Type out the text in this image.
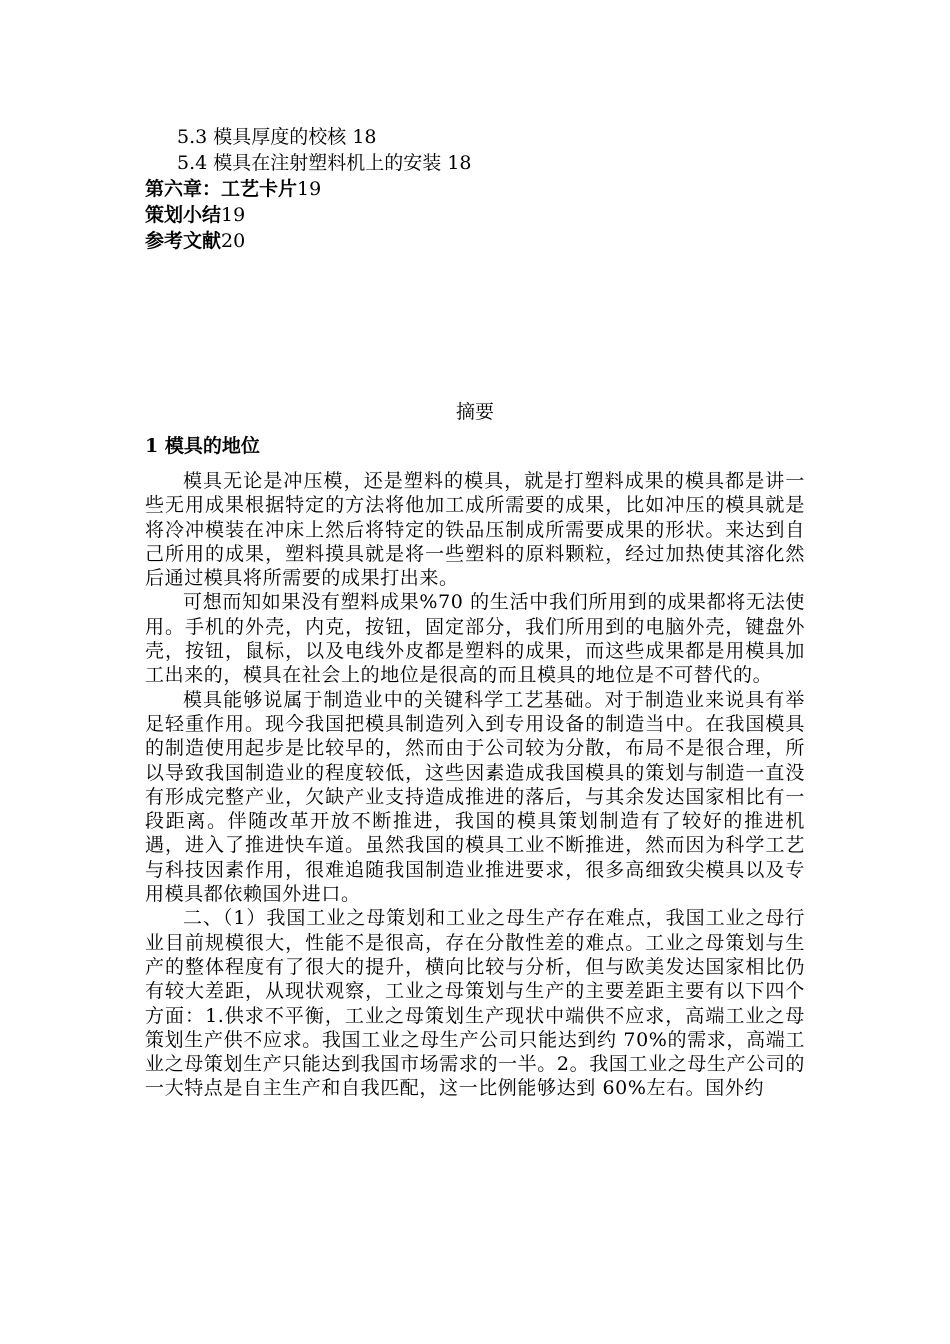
5.3 模具厚度的校核 18
5.4 模具在注射塑料机上的安装 18
第六章：工艺卡片19
策划小结19
参考文献20
摘要
1 模具的地位

模具无论是冲压模，还是塑料的模具，就是打塑料成果的模具都是讲一些无用成果根据特定的方法将他加工成所需要的成果，比如冲压的模具就是将冷冲模装在冲床上然后将特定的铁品压制成所需要成果的形状。来达到自己所用的成果，塑料摸具就是将一些塑料的原料颗粒，经过加热使其溶化然后通过模具将所需要的成果打出来。

可想而知如果没有塑料成果%70 的生活中我们所用到的成果都将无法使用。手机的外壳，内克，按钮，固定部分，我们所用到的电脑外壳，键盘外壳，按钮，鼠标，以及电线外皮都是塑料的成果，而这些成果都是用模具加工出来的，模具在社会上的地位是很高的而且模具的地位是不可替代的。

模具能够说属于制造业中的关键科学工艺基础。对于制造业来说具有举足轻重作用。现今我国把模具制造列入到专用设备的制造当中。在我国模具的制造使用起步是比较早的，然而由于公司较为分散，布局不是很合理，所以导致我国制造业的程度较低，这些因素造成我国模具的策划与制造一直没有形成完整产业，欠缺产业支持造成推进的落后，与其余发达国家相比有一段距离。伴随改革开放不断推进，我国的模具策划制造有了较好的推进机遇，进入了推进快车道。虽然我国的模具工业不断推进，然而因为科学工艺与科技因素作用，很难追随我国制造业推进要求，很多高细致尖模具以及专用模具都依赖国外进口。

二、（1）我国工业之母策划和工业之母生产存在难点，我国工业之母行业目前规模很大，性能不是很高，存在分散性差的难点。工业之母策划与生产的整体程度有了很大的提升，横向比较与分析，但与欧美发达国家相比仍有较大差距，从现状观察，工业之母策划与生产的主要差距主要有以下四个方面：1.供求不平衡，工业之母策划生产现状中端供不应求，高端工业之母策划生产供不应求。我国工业之母生产公司只能达到约 70%的需求，高端工业之母策划生产只能达到我国市场需求的一半。2。我国工业之母生产公司的一大特点是自主生产和自我匹配，这一比例能够达到 60%左右。国外约
